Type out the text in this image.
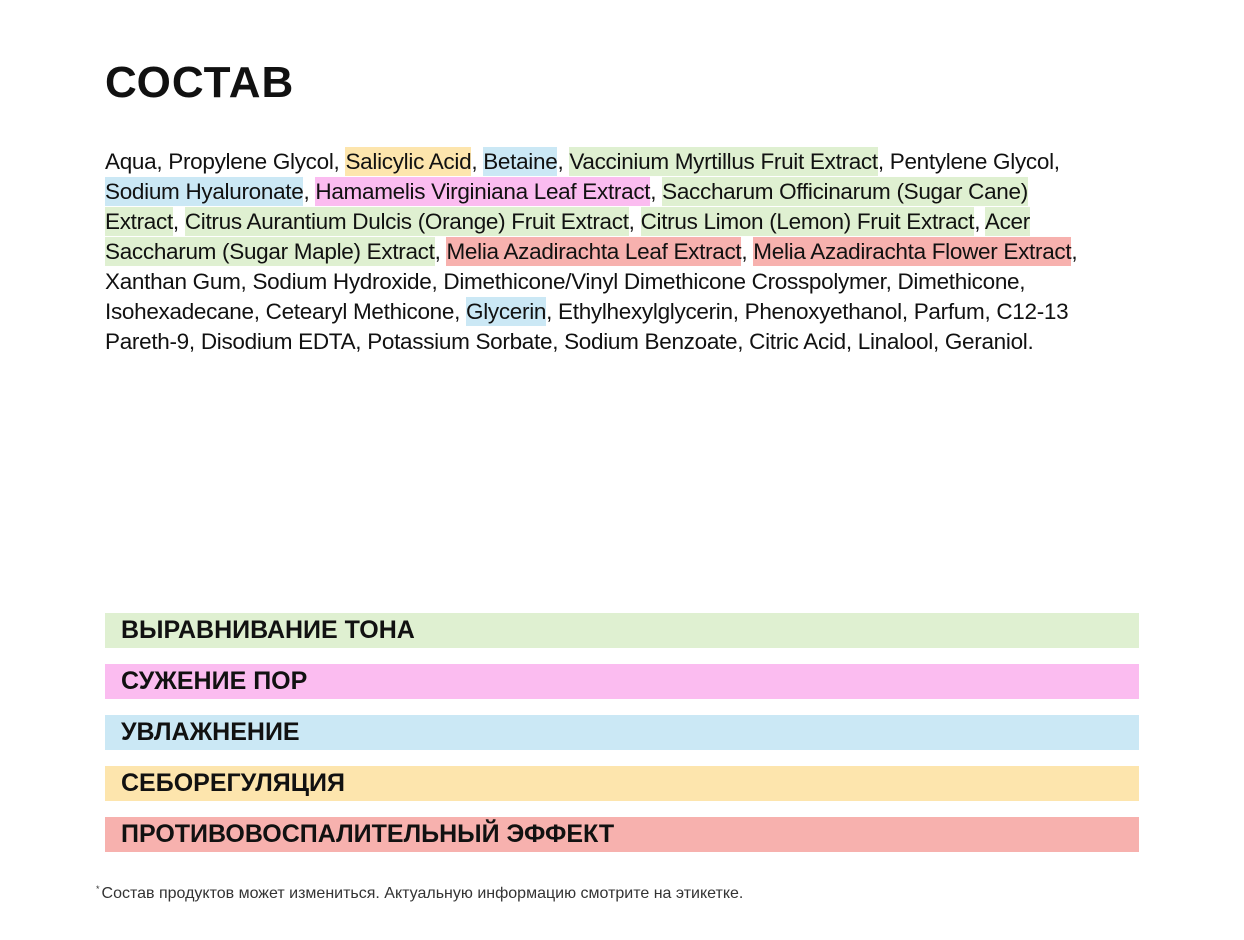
СОСТАВ

Aqua, Propylene Glycol, Salicylic Acid, Betaine, Vaccinium Myrtillus Fruit Extract, Pentylene Glycol, Sodium Hyaluronate, Hamamelis Virginiana Leaf Extract, Saccharum Officinarum (Sugar Cane) Extract, Citrus Aurantium Dulcis (Orange) Fruit Extract, Citrus Limon (Lemon) Fruit Extract, Acer Saccharum (Sugar Maple) Extract, Melia Azadirachta Leaf Extract, Melia Azadirachta Flower Extract, Xanthan Gum, Sodium Hydroxide, Dimethicone/Vinyl Dimethicone Crosspolymer, Dimethicone, Isohexadecane, Cetearyl Methicone, Glycerin, Ethylhexylglycerin, Phenoxyethanol, Parfum, C12-13 Pareth-9, Disodium EDTA, Potassium Sorbate, Sodium Benzoate, Citric Acid, Linalool, Geraniol.

ВЫРАВНИВАНИЕ ТОНА
СУЖЕНИЕ ПОР
УВЛАЖНЕНИЕ
СЕБОРЕГУЛЯЦИЯ
ПРОТИВОВОСПАЛИТЕЛЬНЫЙ ЭФФЕКТ

* Состав продуктов может измениться. Актуальную информацию смотрите на этикетке.
